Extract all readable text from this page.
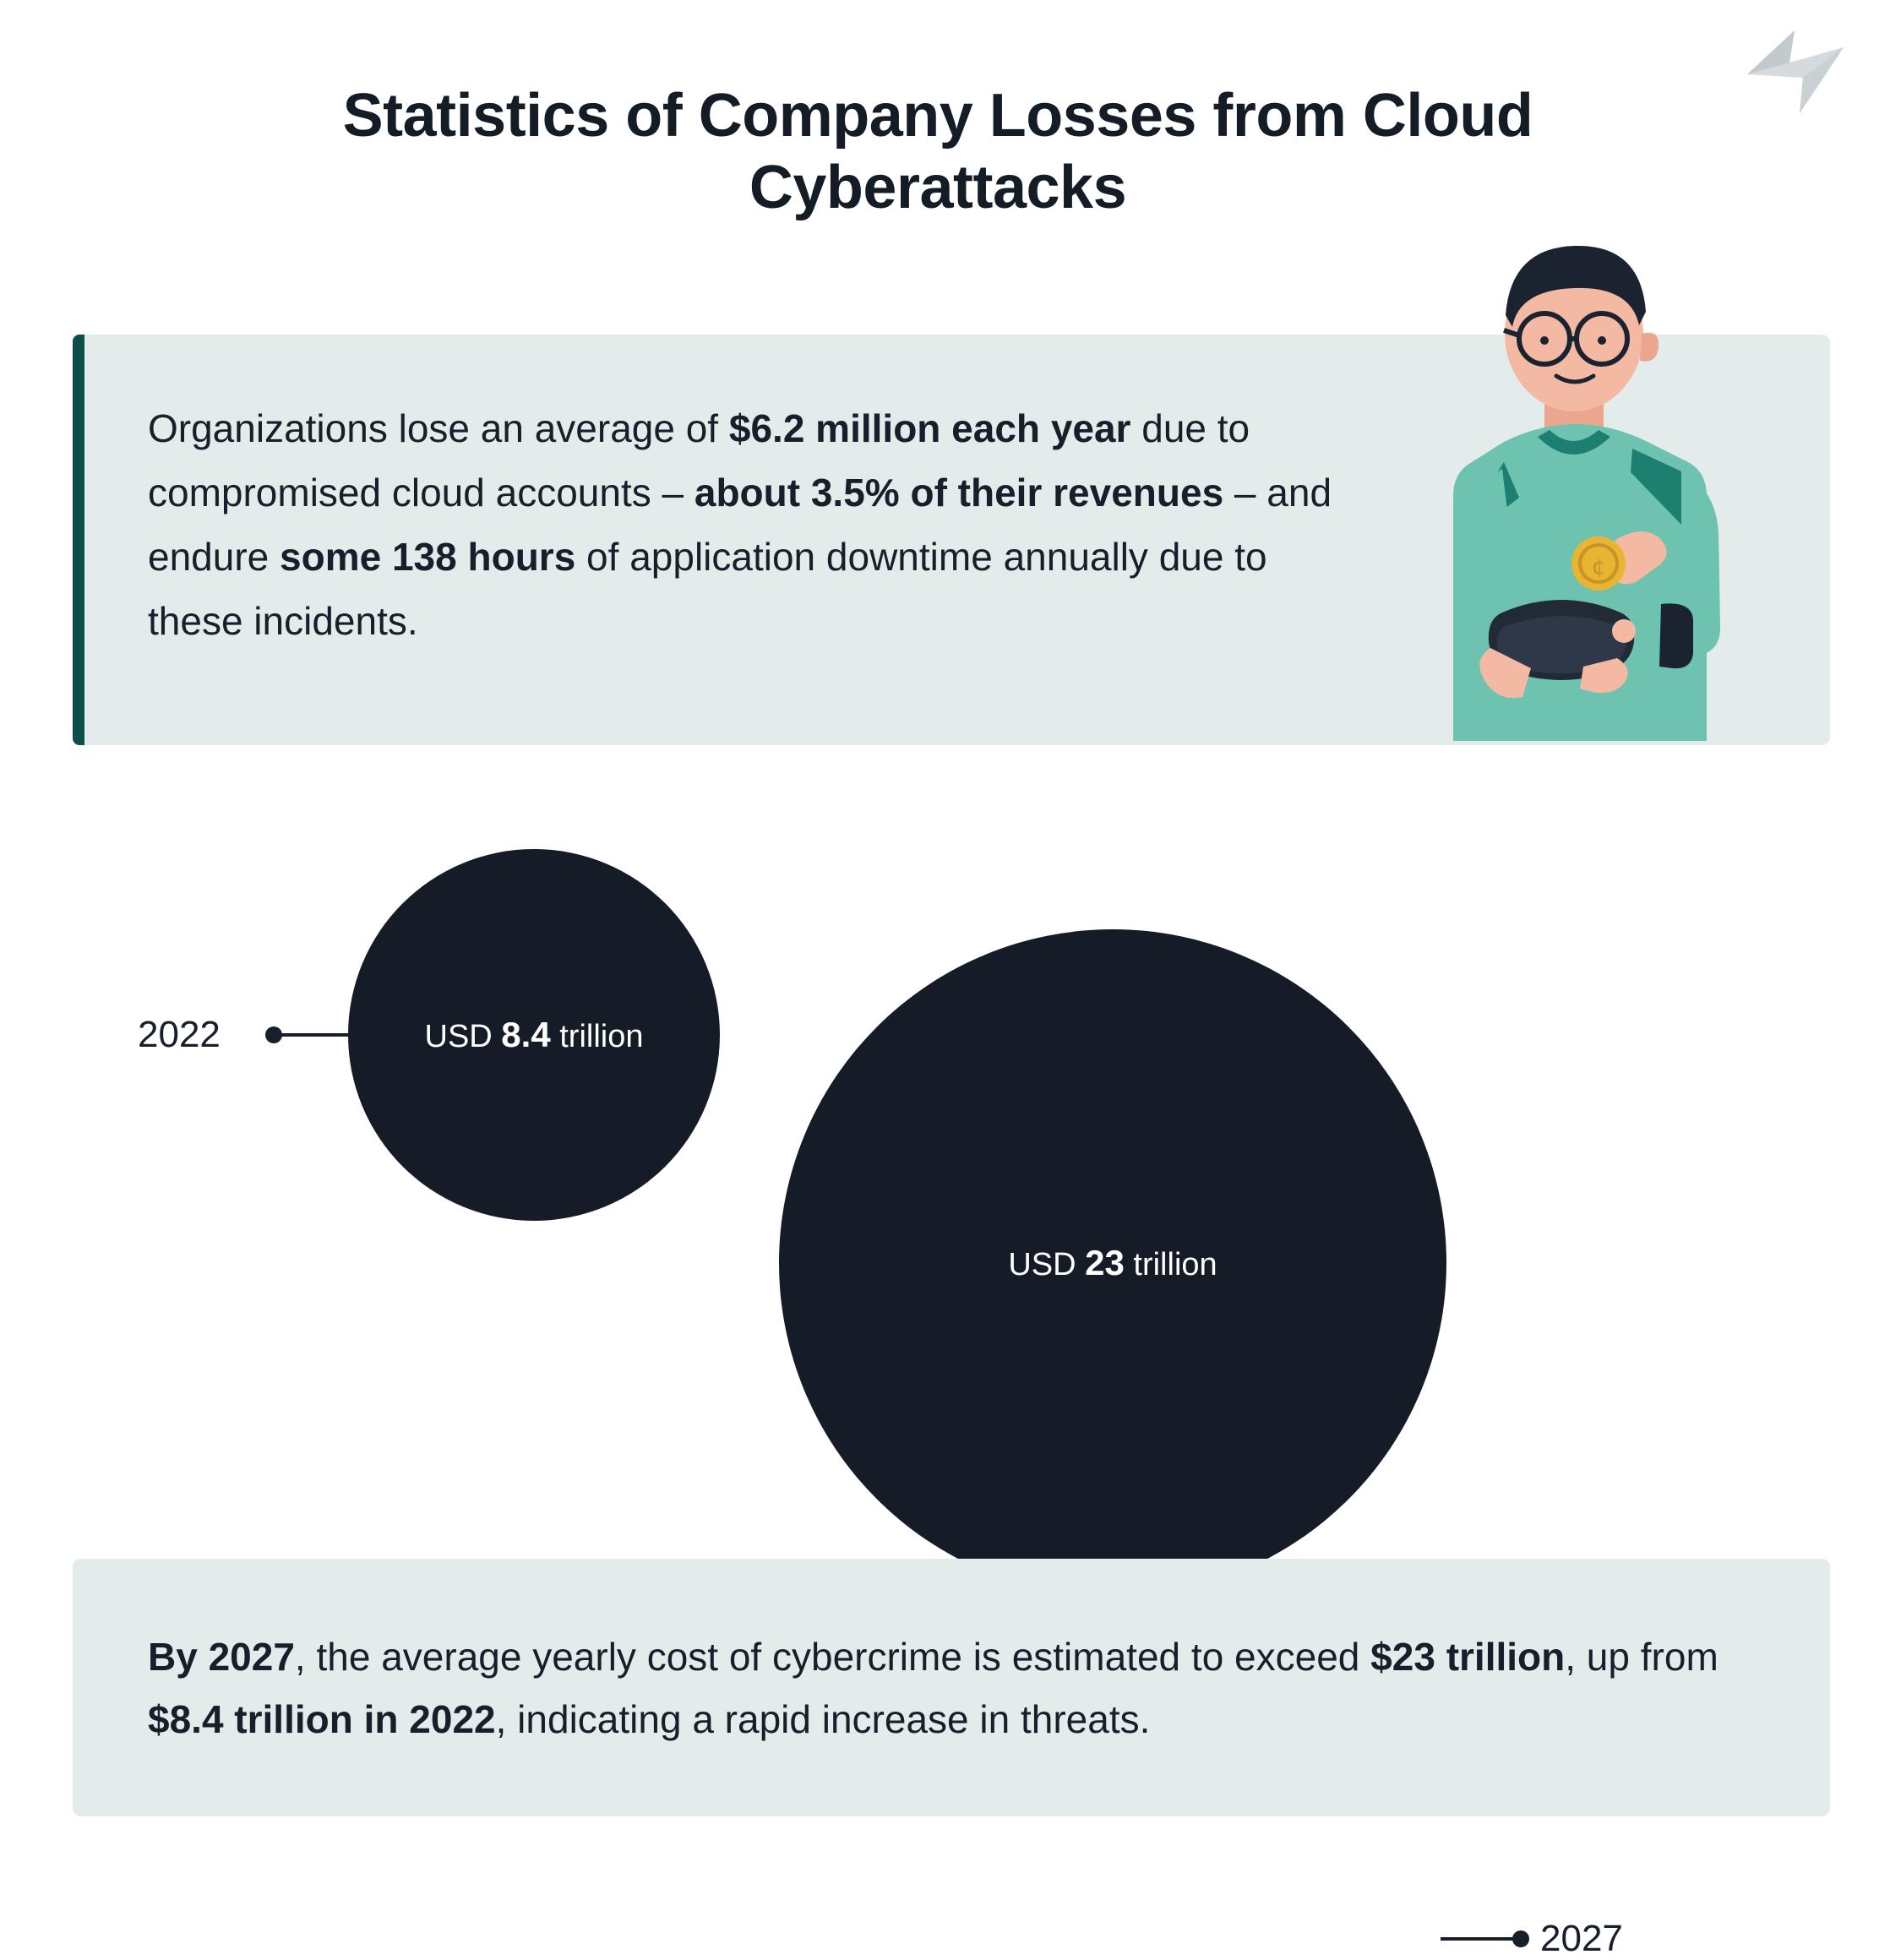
Statistics of Company Losses from Cloud Cyberattacks
Organizations lose an average of $6.2 million each year due to compromised cloud accounts – about 3.5% of their revenues – and endure some 138 hours of application downtime annually due to these incidents.
¢
2022	USD 8.4 trillion
USD 23 trillion
2027
By 2027, the average yearly cost of cybercrime is estimated to exceed $23 trillion, up from $8.4 trillion in 2022, indicating a rapid increase in threats.
